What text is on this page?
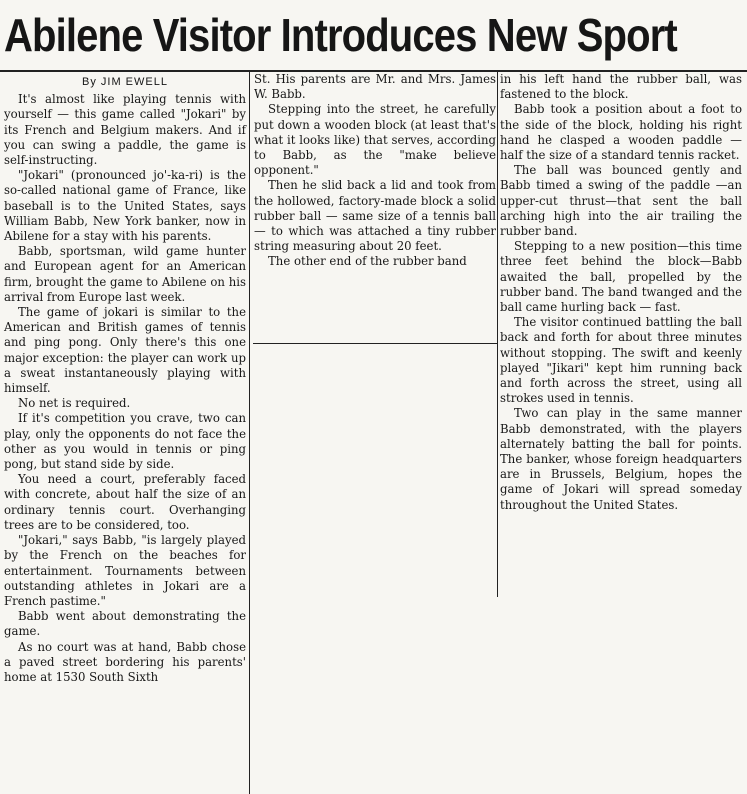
Abilene Visitor Introduces New Sport

By JIM EWELL

It's almost like playing tennis with yourself — this game called "Jokari" by its French and Belgium makers. And if you can swing a paddle, the game is self-instructing.

"Jokari" (pronounced jo'-ka-ri) is the so-called national game of France, like baseball is to the United States, says William Babb, New York banker, now in Abilene for a stay with his parents.

Babb, sportsman, wild game hunter and European agent for an American firm, brought the game to Abilene on his arrival from Europe last week.

The game of jokari is similar to the American and British games of tennis and ping pong. Only there's this one major exception: the player can work up a sweat instantaneously playing with himself.

No net is required.

If it's competition you crave, two can play, only the opponents do not face the other as you would in tennis or ping pong, but stand side by side.

You need a court, preferably faced with concrete, about half the size of an ordinary tennis court. Overhanging trees are to be considered, too.

"Jokari," says Babb, "is largely played by the French on the beaches for entertainment. Tournaments between outstanding athletes in Jokari are a French pastime."

Babb went about demonstrating the game.

As no court was at hand, Babb chose a paved street bordering his parents' home at 1530 South Sixth

St. His parents are Mr. and Mrs. James W. Babb.

Stepping into the street, he carefully put down a wooden block (at least that's what it looks like) that serves, according to Babb, as the "make believe opponent."

Then he slid back a lid and took from the hollowed, factory-made block a solid rubber ball — same size of a tennis ball — to which was attached a tiny rubber string measuring about 20 feet.

The other end of the rubber band

in his left hand the rubber ball, was fastened to the block.

Babb took a position about a foot to the side of the block, holding his right hand he clasped a wooden paddle — half the size of a standard tennis racket.

The ball was bounced gently and Babb timed a swing of the paddle —an upper-cut thrust—that sent the ball arching high into the air trailing the rubber band.

Stepping to a new position—this time three feet behind the block—Babb awaited the ball, propelled by the rubber band. The band twanged and the ball came hurling back — fast.

The visitor continued battling the ball back and forth for about three minutes without stopping. The swift and keenly played "Jikari" kept him running back and forth across the street, using all strokes used in tennis.

Two can play in the same manner Babb demonstrated, with the players alternately batting the ball for points. The banker, whose foreign headquarters are in Brussels, Belgium, hopes the game of Jokari will spread someday throughout the United States.
